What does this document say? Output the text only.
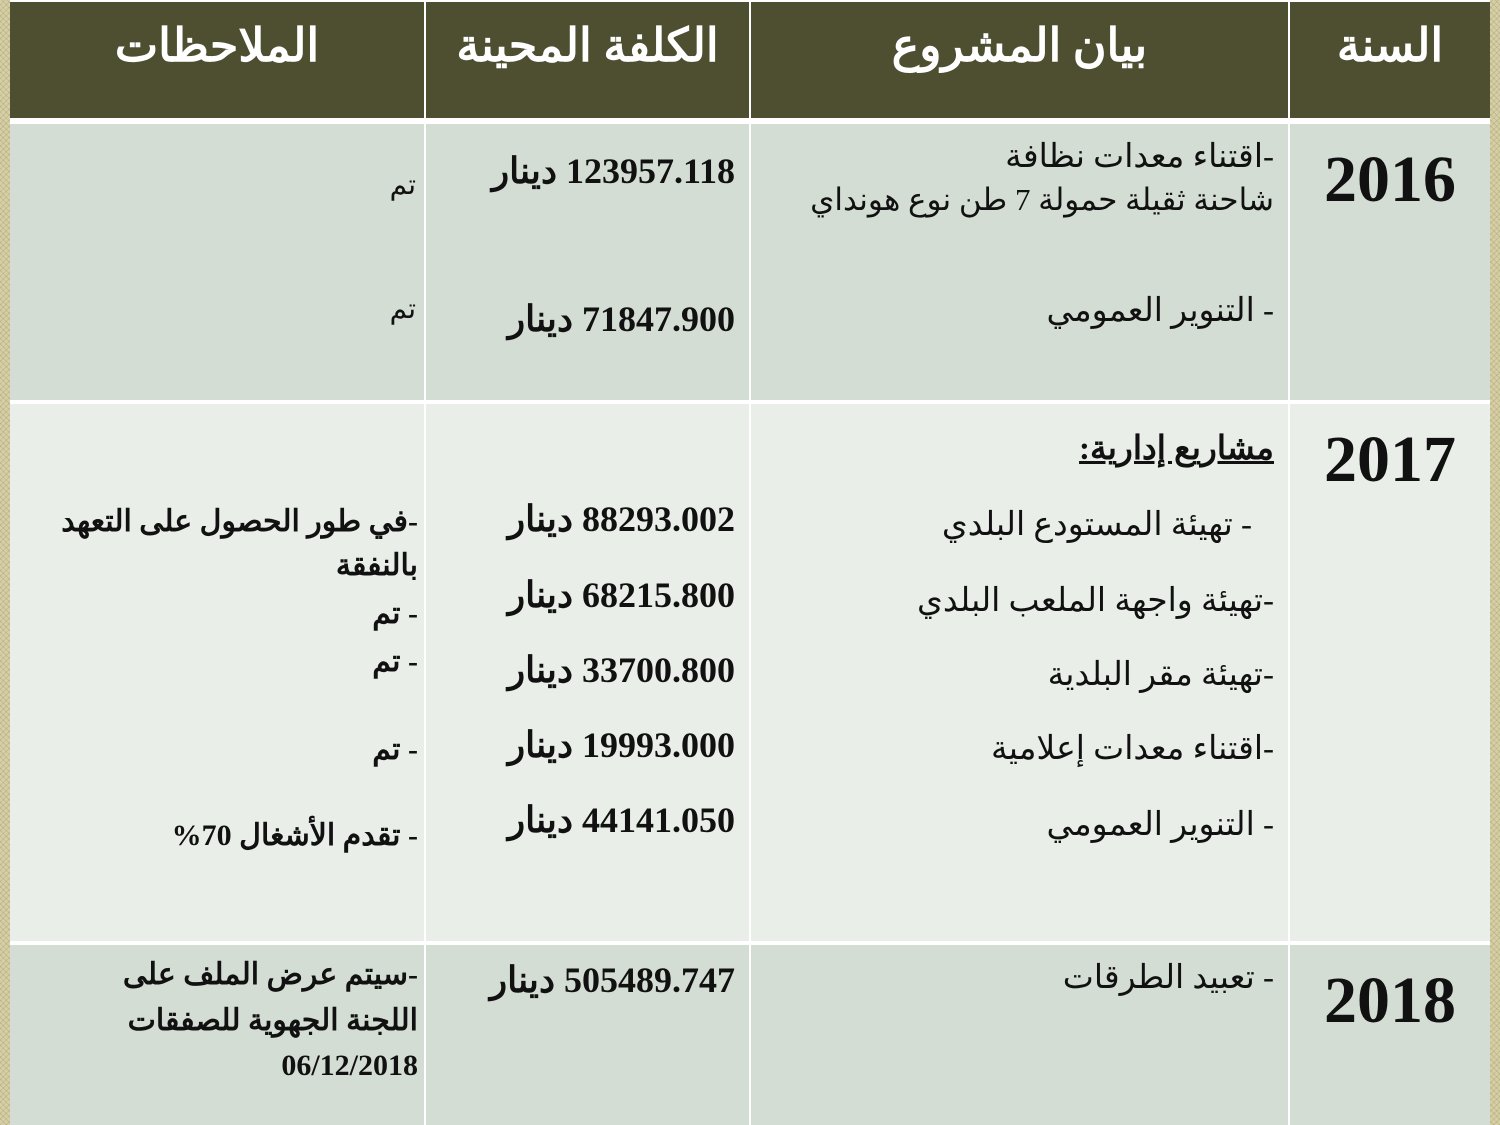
السنة
بيان المشروع
الكلفة المحينة
الملاحظات
2016
-اقتناء معدات نظافة
شاحنة ثقيلة حمولة 7 طن نوع هونداي
- التنوير العمومي
123957.118 دينار
71847.900 دينار
تم
تم
2017
مشاريع إدارية:
- تهيئة المستودع البلدي
-تهيئة واجهة الملعب البلدي
-تهيئة مقر البلدية
-اقتناء معدات إعلامية
- التنوير العمومي
88293.002 دينار
68215.800 دينار
33700.800 دينار
19993.000 دينار
44141.050 دينار
-في طور الحصول على التعهد
بالنفقة
- تم
- تم
- تم
- تقدم الأشغال 70%
2018
- تعبيد الطرقات
505489.747 دينار
-سيتم عرض الملف على
اللجنة الجهوية للصفقات
06/12/2018
